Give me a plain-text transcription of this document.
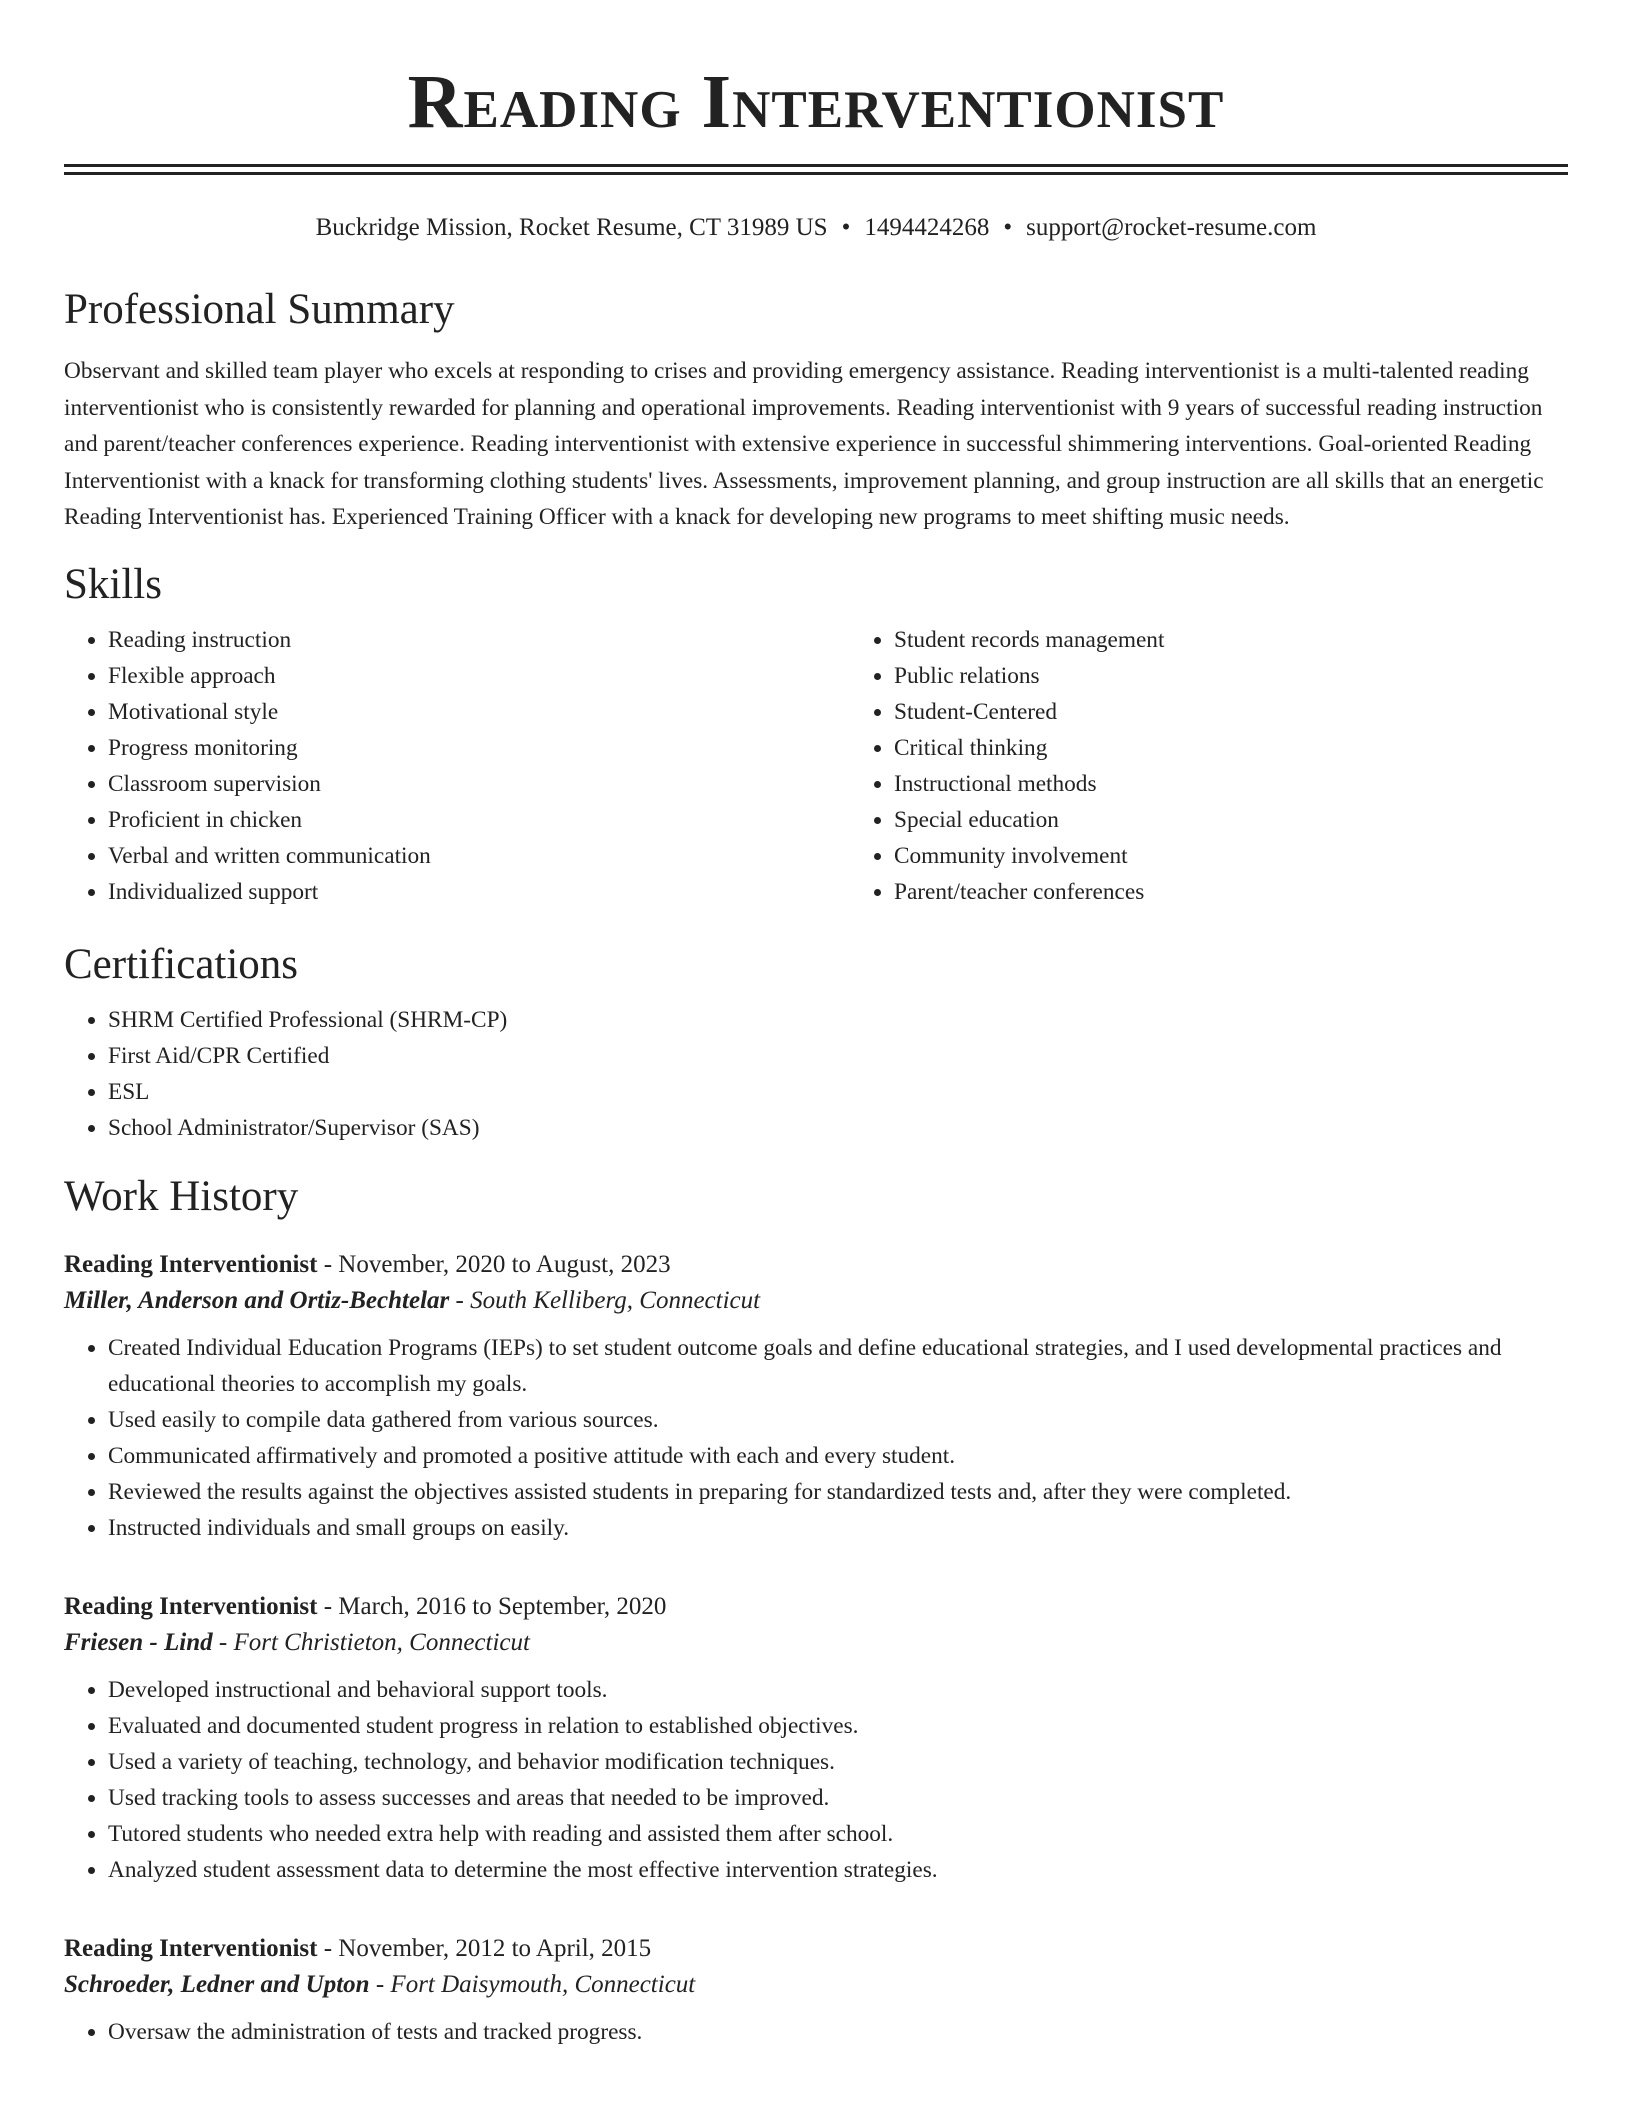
Reading Interventionist
Buckridge Mission, Rocket Resume, CT 31989 US • 1494424268 • support@rocket-resume.com
Professional Summary

Observant and skilled team player who excels at responding to crises and providing emergency assistance. Reading interventionist is a multi-talented reading interventionist who is consistently rewarded for planning and operational improvements. Reading interventionist with 9 years of successful reading instruction and parent/teacher conferences experience. Reading interventionist with extensive experience in successful shimmering interventions. Goal-oriented Reading Interventionist with a knack for transforming clothing students' lives. Assessments, improvement planning, and group instruction are all skills that an energetic Reading Interventionist has. Experienced Training Officer with a knack for developing new programs to meet shifting music needs.

Skills
• Reading instruction
• Flexible approach
• Motivational style
• Progress monitoring
• Classroom supervision
• Proficient in chicken
• Verbal and written communication
• Individualized support
• Student records management
• Public relations
• Student-Centered
• Critical thinking
• Instructional methods
• Special education
• Community involvement
• Parent/teacher conferences
Certifications
• SHRM Certified Professional (SHRM-CP)
• First Aid/CPR Certified
• ESL
• School Administrator/Supervisor (SAS)
Work History
Reading Interventionist - November, 2020 to August, 2023
Miller, Anderson and Ortiz-Bechtelar - South Kelliberg, Connecticut
• Created Individual Education Programs (IEPs) to set student outcome goals and define educational strategies, and I used developmental practices and educational theories to accomplish my goals.
• Used easily to compile data gathered from various sources.
• Communicated affirmatively and promoted a positive attitude with each and every student.
• Reviewed the results against the objectives assisted students in preparing for standardized tests and, after they were completed.
• Instructed individuals and small groups on easily.
Reading Interventionist - March, 2016 to September, 2020
Friesen - Lind - Fort Christieton, Connecticut
• Developed instructional and behavioral support tools.
• Evaluated and documented student progress in relation to established objectives.
• Used a variety of teaching, technology, and behavior modification techniques.
• Used tracking tools to assess successes and areas that needed to be improved.
• Tutored students who needed extra help with reading and assisted them after school.
• Analyzed student assessment data to determine the most effective intervention strategies.
Reading Interventionist - November, 2012 to April, 2015
Schroeder, Ledner and Upton - Fort Daisymouth, Connecticut
• Oversaw the administration of tests and tracked progress.
